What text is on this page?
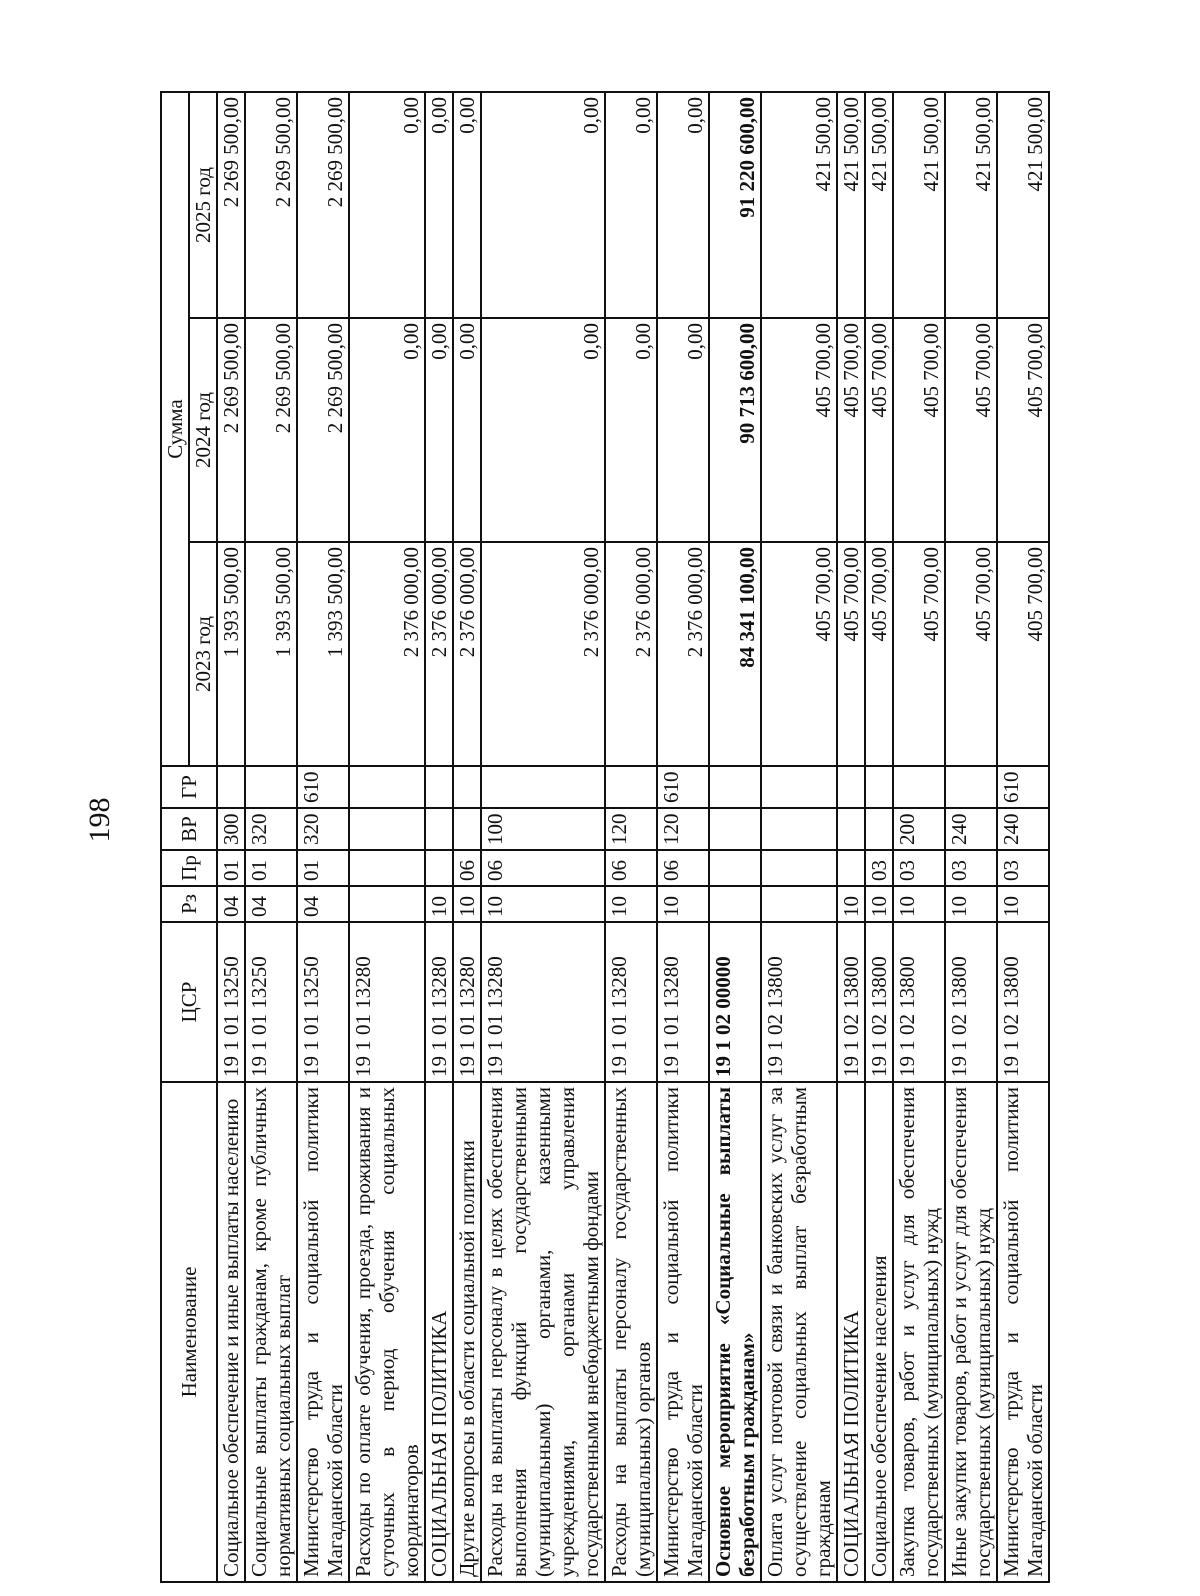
198
Наименование	ЦСР	Рз	Пр	ВР	ГР	Сумма		
						2023 год	2024 год	2025 год
Социальное обеспечение и иные выплаты населению	19 1 01 13250	04	01	300		1 393 500,00	2 269 500,00	2 269 500,00
Социальные выплаты гражданам, кроме публичных нормативных социальных выплат	19 1 01 13250	04	01	320		1 393 500,00	2 269 500,00	2 269 500,00
Министерство труда и социальной политики Магаданской области	19 1 01 13250	04	01	320	610	1 393 500,00	2 269 500,00	2 269 500,00
Расходы по оплате обучения, проезда, проживания и суточных в период обучения социальных координаторов	19 1 01 13280					2 376 000,00	0,00	0,00
СОЦИАЛЬНАЯ ПОЛИТИКА	19 1 01 13280	10				2 376 000,00	0,00	0,00
Другие вопросы в области социальной политики	19 1 01 13280	10	06			2 376 000,00	0,00	0,00
Расходы на выплаты персоналу в целях обеспечения выполнения функций государственными (муниципальными) органами, казенными учреждениями, органами управления государственными внебюджетными фондами	19 1 01 13280	10	06	100		2 376 000,00	0,00	0,00
Расходы на выплаты персоналу государственных (муниципальных) органов	19 1 01 13280	10	06	120		2 376 000,00	0,00	0,00
Министерство труда и социальной политики Магаданской области	19 1 01 13280	10	06	120	610	2 376 000,00	0,00	0,00
Основное мероприятие «Социальные выплаты безработным гражданам»	19 1 02 00000					84 341 100,00	90 713 600,00	91 220 600,00
Оплата услуг почтовой связи и банковских услуг за осуществление социальных выплат безработным гражданам	19 1 02 13800					405 700,00	405 700,00	421 500,00
СОЦИАЛЬНАЯ ПОЛИТИКА	19 1 02 13800	10				405 700,00	405 700,00	421 500,00
Социальное обеспечение населения	19 1 02 13800	10	03			405 700,00	405 700,00	421 500,00
Закупка товаров, работ и услуг для обеспечения государственных (муниципальных) нужд	19 1 02 13800	10	03	200		405 700,00	405 700,00	421 500,00
Иные закупки товаров, работ и услуг для обеспечения государственных (муниципальных) нужд	19 1 02 13800	10	03	240		405 700,00	405 700,00	421 500,00
Министерство труда и социальной политики Магаданской области	19 1 02 13800	10	03	240	610	405 700,00	405 700,00	421 500,00
